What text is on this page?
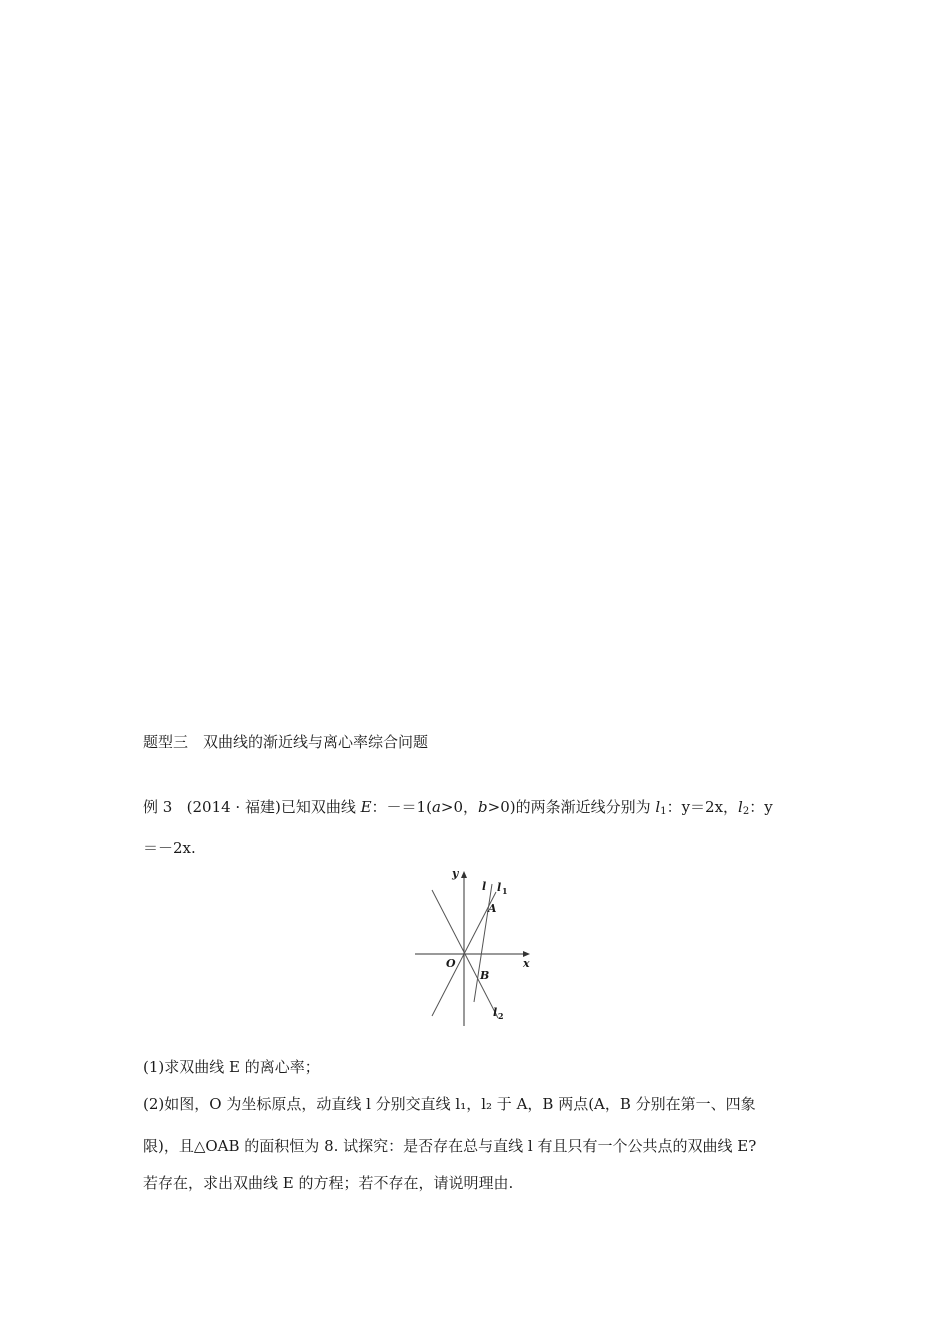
题型三　双曲线的渐近线与离心率综合问题
例 3 (2014 · 福建)已知双曲线 E：－＝1(a>0，b>0)的两条渐近线分别为 $l_1$：y＝2x，$l_2$：y
＝－2x.
y
x
O
A
B
l l 1
l 2
(1)求双曲线 E 的离心率；
(2)如图，O 为坐标原点，动直线 l 分别交直线 l₁，l₂ 于 A，B 两点(A，B 分别在第一、四象
限)，且△OAB 的面积恒为 8. 试探究：是否存在总与直线 l 有且只有一个公共点的双曲线 E?
若存在，求出双曲线 E 的方程；若不存在，请说明理由.
